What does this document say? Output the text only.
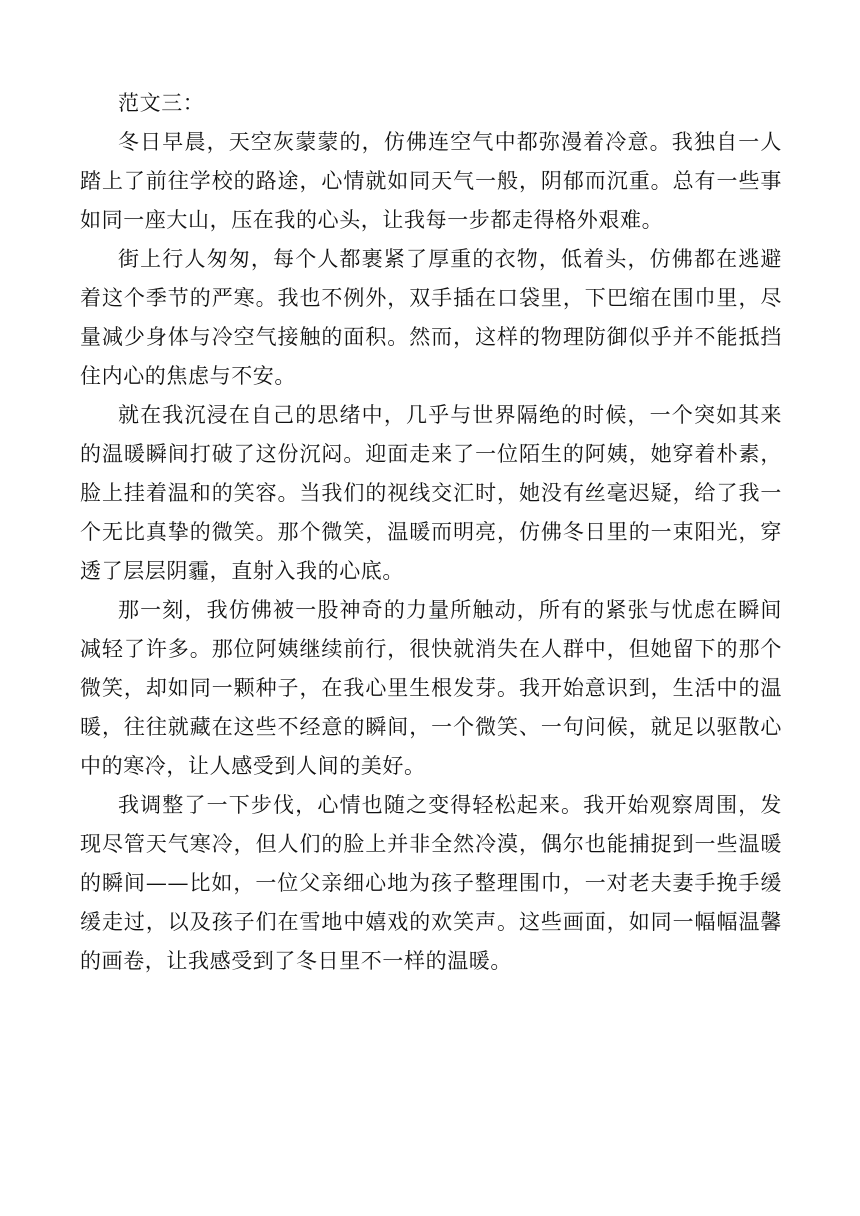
范文三：

冬日早晨，天空灰蒙蒙的，仿佛连空气中都弥漫着冷意。我独自一人踏上了前往学校的路途，心情就如同天气一般，阴郁而沉重。总有一些事如同一座大山，压在我的心头，让我每一步都走得格外艰难。

街上行人匆匆，每个人都裹紧了厚重的衣物，低着头，仿佛都在逃避着这个季节的严寒。我也不例外，双手插在口袋里，下巴缩在围巾里，尽量减少身体与冷空气接触的面积。然而，这样的物理防御似乎并不能抵挡住内心的焦虑与不安。

就在我沉浸在自己的思绪中，几乎与世界隔绝的时候，一个突如其来的温暖瞬间打破了这份沉闷。迎面走来了一位陌生的阿姨，她穿着朴素，脸上挂着温和的笑容。当我们的视线交汇时，她没有丝毫迟疑，给了我一个无比真挚的微笑。那个微笑，温暖而明亮，仿佛冬日里的一束阳光，穿透了层层阴霾，直射入我的心底。

那一刻，我仿佛被一股神奇的力量所触动，所有的紧张与忧虑在瞬间减轻了许多。那位阿姨继续前行，很快就消失在人群中，但她留下的那个微笑，却如同一颗种子，在我心里生根发芽。我开始意识到，生活中的温暖，往往就藏在这些不经意的瞬间，一个微笑、一句问候，就足以驱散心中的寒冷，让人感受到人间的美好。

我调整了一下步伐，心情也随之变得轻松起来。我开始观察周围，发现尽管天气寒冷，但人们的脸上并非全然冷漠，偶尔也能捕捉到一些温暖的瞬间——比如，一位父亲细心地为孩子整理围巾，一对老夫妻手挽手缓缓走过，以及孩子们在雪地中嬉戏的欢笑声。这些画面，如同一幅幅温馨的画卷，让我感受到了冬日里不一样的温暖。
